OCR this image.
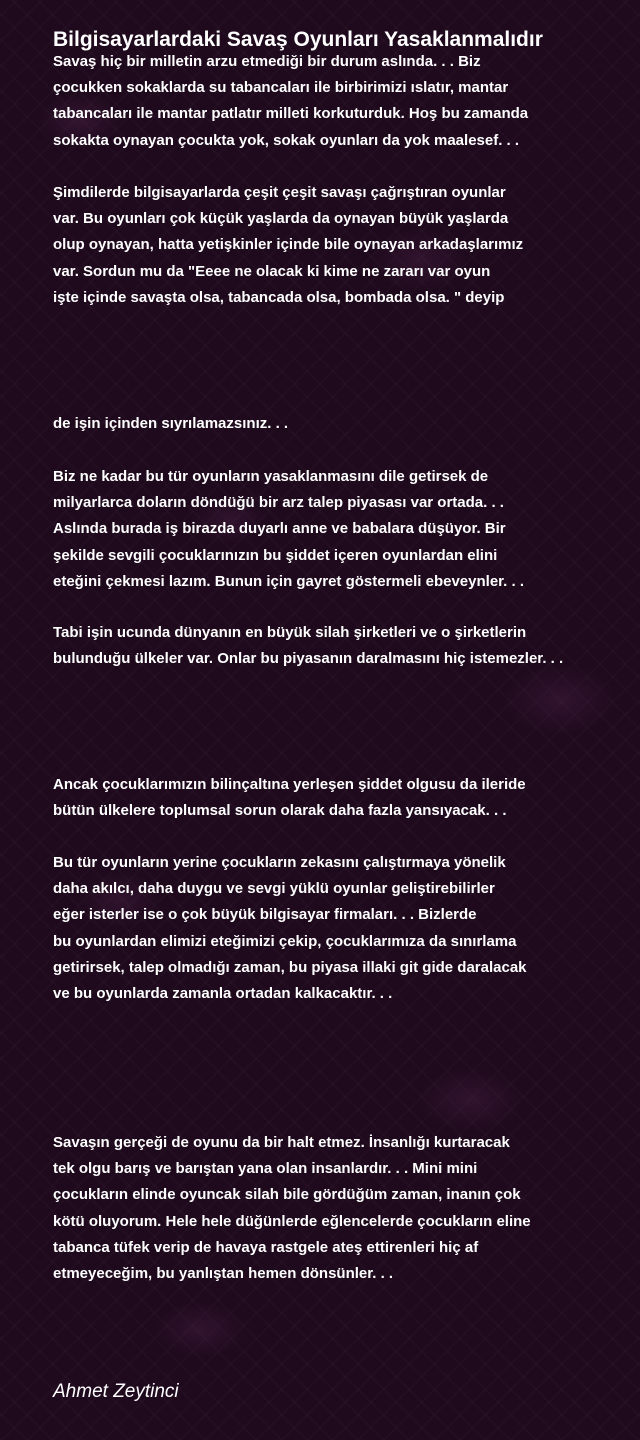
Bilgisayarlardaki Savaş Oyunları Yasaklanmalıdır

Savaş hiç bir milletin arzu etmediği bir durum aslında. . . Biz
çocukken sokaklarda su tabancaları ile birbirimizi ıslatır, mantar
tabancaları ile mantar patlatır milleti korkuturduk. Hoş bu zamanda
sokakta oynayan çocukta yok, sokak oyunları da yok maalesef. . .

Şimdilerde bilgisayarlarda çeşit çeşit savaşı çağrıştıran oyunlar
var. Bu oyunları çok küçük yaşlarda da oynayan büyük yaşlarda
olup oynayan, hatta yetişkinler içinde bile oynayan arkadaşlarımız
var. Sordun mu da "Eeee ne olacak ki kime ne zararı var oyun
işte içinde savaşta olsa, tabancada olsa, bombada olsa. " deyip

de işin içinden sıyrılamazsınız. . .

Biz ne kadar bu tür oyunların yasaklanmasını dile getirsek de
milyarlarca doların döndüğü bir arz talep piyasası var ortada. . .
Aslında burada iş birazda duyarlı anne ve babalara düşüyor. Bir
şekilde sevgili çocuklarınızın bu şiddet içeren oyunlardan elini
eteğini çekmesi lazım. Bunun için gayret göstermeli ebeveynler. . .

Tabi işin ucunda dünyanın en büyük silah şirketleri ve o şirketlerin
bulunduğu ülkeler var. Onlar bu piyasanın daralmasını hiç istemezler. . .

Ancak çocuklarımızın bilinçaltına yerleşen şiddet olgusu da ileride
bütün ülkelere toplumsal sorun olarak daha fazla yansıyacak. . .

Bu tür oyunların yerine çocukların zekasını çalıştırmaya yönelik
daha akılcı, daha duygu ve sevgi yüklü oyunlar geliştirebilirler
eğer isterler ise o çok büyük bilgisayar firmaları. . . Bizlerde
bu oyunlardan elimizi eteğimizi çekip, çocuklarımıza da sınırlama
getirirsek, talep olmadığı zaman, bu piyasa illaki git gide daralacak
ve bu oyunlarda zamanla ortadan kalkacaktır. . .

Savaşın gerçeği de oyunu da bir halt etmez. İnsanlığı kurtaracak
tek olgu barış ve barıştan yana olan insanlardır. . . Mini mini
çocukların elinde oyuncak silah bile gördüğüm zaman, inanın çok
kötü oluyorum. Hele hele düğünlerde eğlencelerde çocukların eline
tabanca tüfek verip de havaya rastgele ateş ettirenleri hiç af
etmeyeceğim, bu yanlıştan hemen dönsünler. . .

Ahmet Zeytinci
